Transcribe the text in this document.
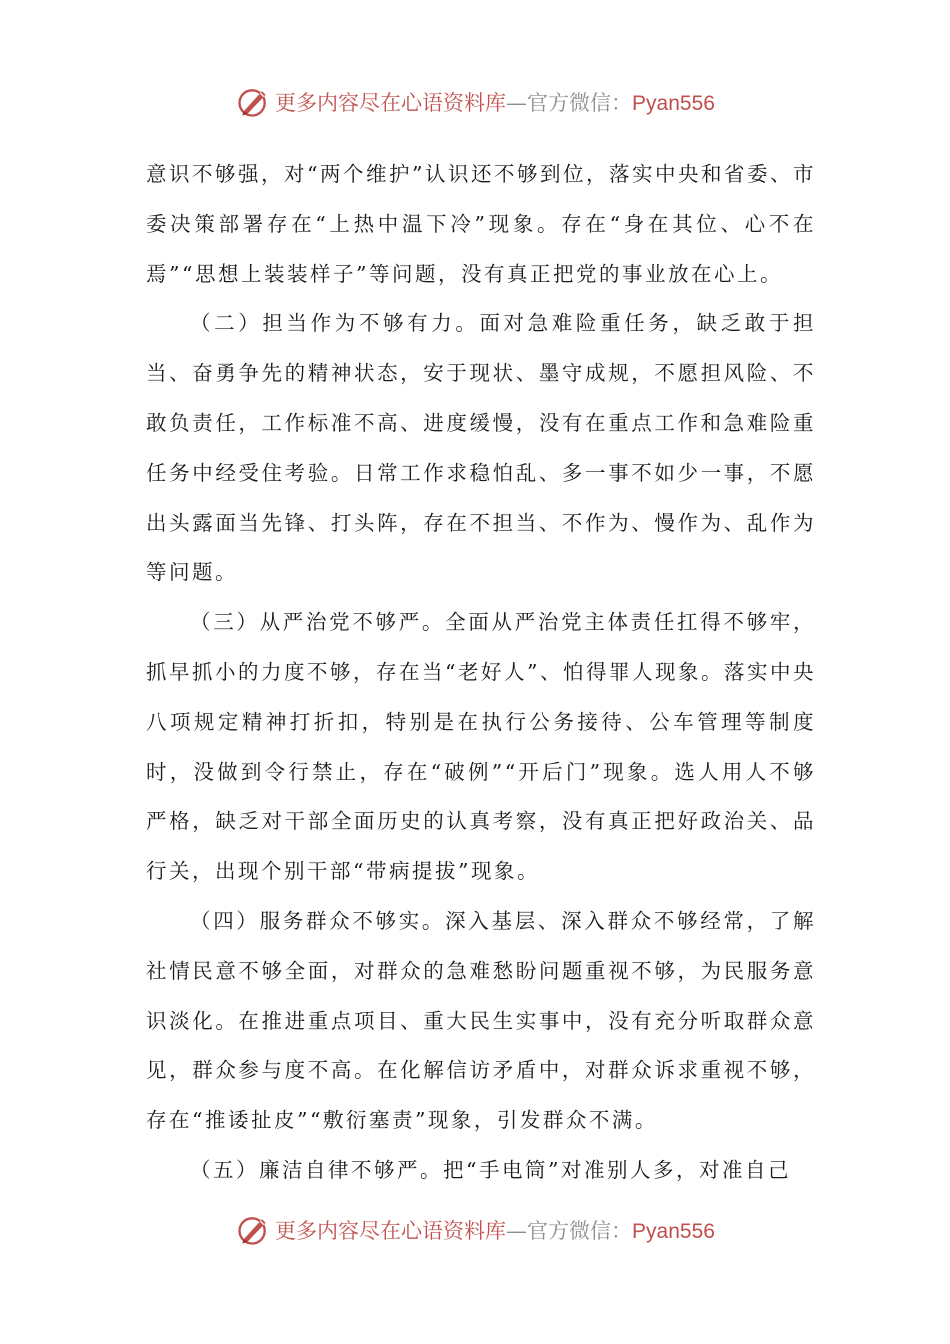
更多内容尽在心语资料库—官方微信：Pyan556

意识不够强，对“两个维护”认识还不够到位，落实中央和省委、市委决策部署存在“上热中温下冷”现象。存在“身在其位、心不在焉”“思想上装装样子”等问题，没有真正把党的事业放在心上。

（二）担当作为不够有力。面对急难险重任务，缺乏敢于担当、奋勇争先的精神状态，安于现状、墨守成规，不愿担风险、不敢负责任，工作标准不高、进度缓慢，没有在重点工作和急难险重任务中经受住考验。日常工作求稳怕乱、多一事不如少一事，不愿出头露面当先锋、打头阵，存在不担当、不作为、慢作为、乱作为等问题。

（三）从严治党不够严。全面从严治党主体责任扛得不够牢，抓早抓小的力度不够，存在当“老好人”、怕得罪人现象。落实中央八项规定精神打折扣，特别是在执行公务接待、公车管理等制度时，没做到令行禁止，存在“破例”“开后门”现象。选人用人不够严格，缺乏对干部全面历史的认真考察，没有真正把好政治关、品行关，出现个别干部“带病提拔”现象。

（四）服务群众不够实。深入基层、深入群众不够经常，了解社情民意不够全面，对群众的急难愁盼问题重视不够，为民服务意识淡化。在推进重点项目、重大民生实事中，没有充分听取群众意见，群众参与度不高。在化解信访矛盾中，对群众诉求重视不够，存在“推诿扯皮”“敷衍塞责”现象，引发群众不满。

（五）廉洁自律不够严。把“手电筒”对准别人多，对准自己

更多内容尽在心语资料库—官方微信：Pyan556
